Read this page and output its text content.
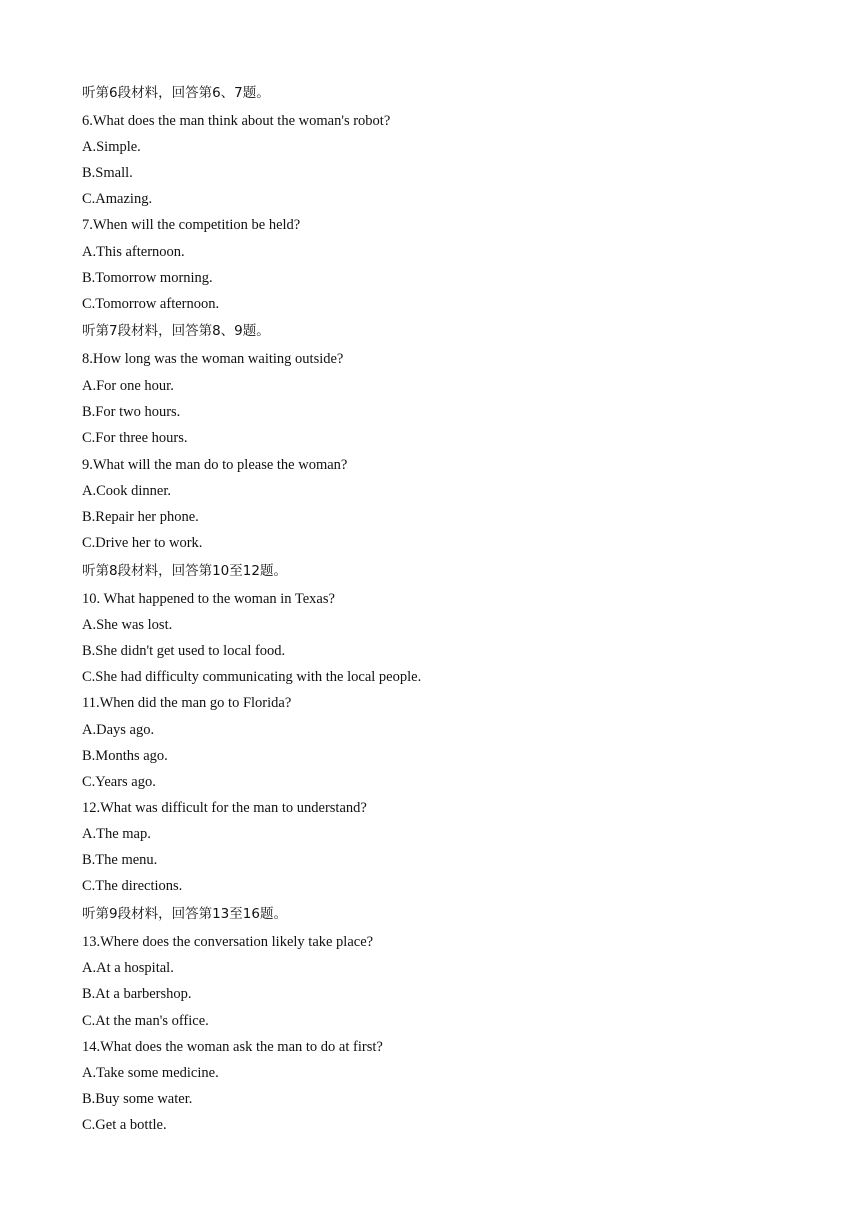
听第6段材料，回答第6、7题。
6.What does the man think about the woman's robot?
A.Simple.
B.Small.
C.Amazing.
7.When will the competition be held?
A.This afternoon.
B.Tomorrow morning.
C.Tomorrow afternoon.
听第7段材料，回答第8、9题。
8.How long was the woman waiting outside?
A.For one hour.
B.For two hours.
C.For three hours.
9.What will the man do to please the woman?
A.Cook dinner.
B.Repair her phone.
C.Drive her to work.
听第8段材料，回答第10至12题。
10. What happened to the woman in Texas?
A.She was lost.
B.She didn't get used to local food.
C.She had difficulty communicating with the local people.
11.When did the man go to Florida?
A.Days ago.
B.Months ago.
C.Years ago.
12.What was difficult for the man to understand?
A.The map.
B.The menu.
C.The directions.
听第9段材料，回答第13至16题。
13.Where does the conversation likely take place?
A.At a hospital.
B.At a barbershop.
C.At the man's office.
14.What does the woman ask the man to do at first?
A.Take some medicine.
B.Buy some water.
C.Get a bottle.
